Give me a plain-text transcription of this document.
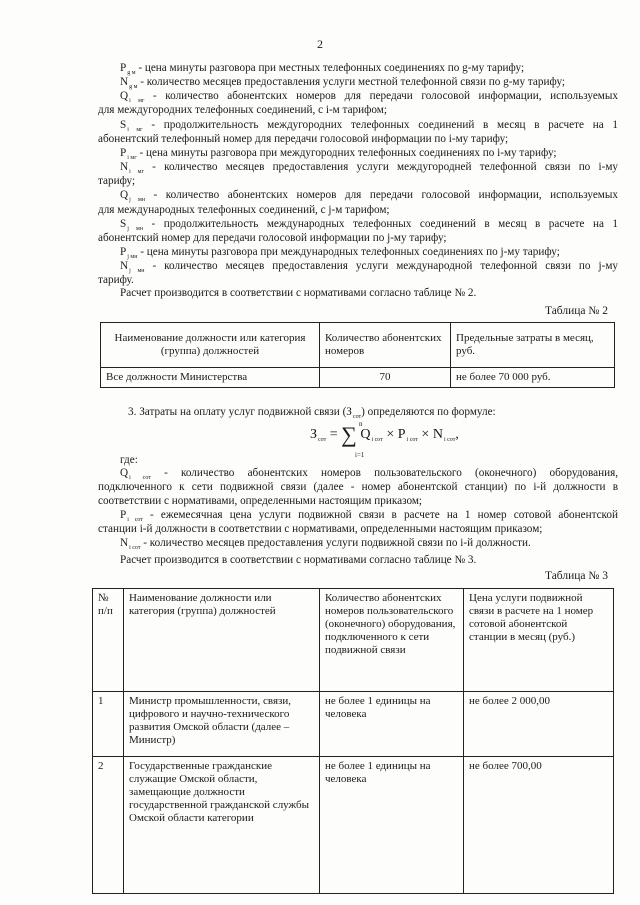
2
$P_{g м}$ - цена минуты разговора при местных телефонных соединениях по g-му тарифу;
$N_{g м}$ - количество месяцев предоставления услуги местной телефонной связи по g-му тарифу;
$Q_{i мг}$ - количество абонентских номеров для передачи голосовой информации, используемых
для междугородних телефонных соединений, с i-м тарифом;
$S_{i мг}$ - продолжительность междугородних телефонных соединений в месяц в расчете на 1
абонентский телефонный номер для передачи голосовой информации по i-му тарифу;
$P_{i мг}$ - цена минуты разговора при междугородних телефонных соединениях по i-му тарифу;
$N_{i мг}$ - количество месяцев предоставления услуги междугородней телефонной связи по i-му
тарифу;
$Q_{j мн}$ - количество абонентских номеров для передачи голосовой информации, используемых
для международных телефонных соединений, с j-м тарифом;
$S_{j мн}$ - продолжительность международных телефонных соединений в месяц в расчете на 1
абонентский номер для передачи голосовой информации по j-му тарифу;
$P_{j мн}$ - цена минуты разговора при международных телефонных соединениях по j-му тарифу;
$N_{j мн}$ - количество месяцев предоставления услуги международной телефонной связи по j-му
тарифу.
Расчет производится в соответствии с нормативами согласно таблице № 2.
Таблица № 2
Наименование должности или категория (группа) должностей	Количество абонентских номеров	Предельные затраты в месяц, руб.
Все должности Министерства	70	не более 70 000 руб.
3. Затраты на оплату услуг подвижной связи $(З_{сот})$ определяются по формуле:
$З_{сот}$ = ∑ n
i=1
$Q_{i сот} \times P_{i сот} \times N_{i сот}$,
где:
$Q_{i сот}$ - количество абонентских номеров пользовательского (оконечного) оборудования,
подключенного к сети подвижной связи (далее - номер абонентской станции) по i-й должности в
соответствии с нормативами, определенными настоящим приказом;
$P_{i сот}$ - ежемесячная цена услуги подвижной связи в расчете на 1 номер сотовой абонентской
станции i-й должности в соответствии с нормативами, определенными настоящим приказом;
$N_{i сот}$ - количество месяцев предоставления услуги подвижной связи по i-й должности.
Расчет производится в соответствии с нормативами согласно таблице № 3.
Таблица № 3
№ п/п	Наименование должности или категория (группа) должностей	Количество абонентских номеров пользовательского (оконечного) оборудования, подключенного к сети подвижной связи	Цена услуги подвижной связи в расчете на 1 номер сотовой абонентской станции в месяц (руб.)
1	Министр промышленности, связи, цифрового и научно-технического развития Омской области (далее – Министр)	не более 1 единицы на человека	не более 2 000,00
2	Государственные гражданские служащие Омской области, замещающие должности государственной гражданской службы Омской области категории	не более 1 единицы на человека	не более 700,00
